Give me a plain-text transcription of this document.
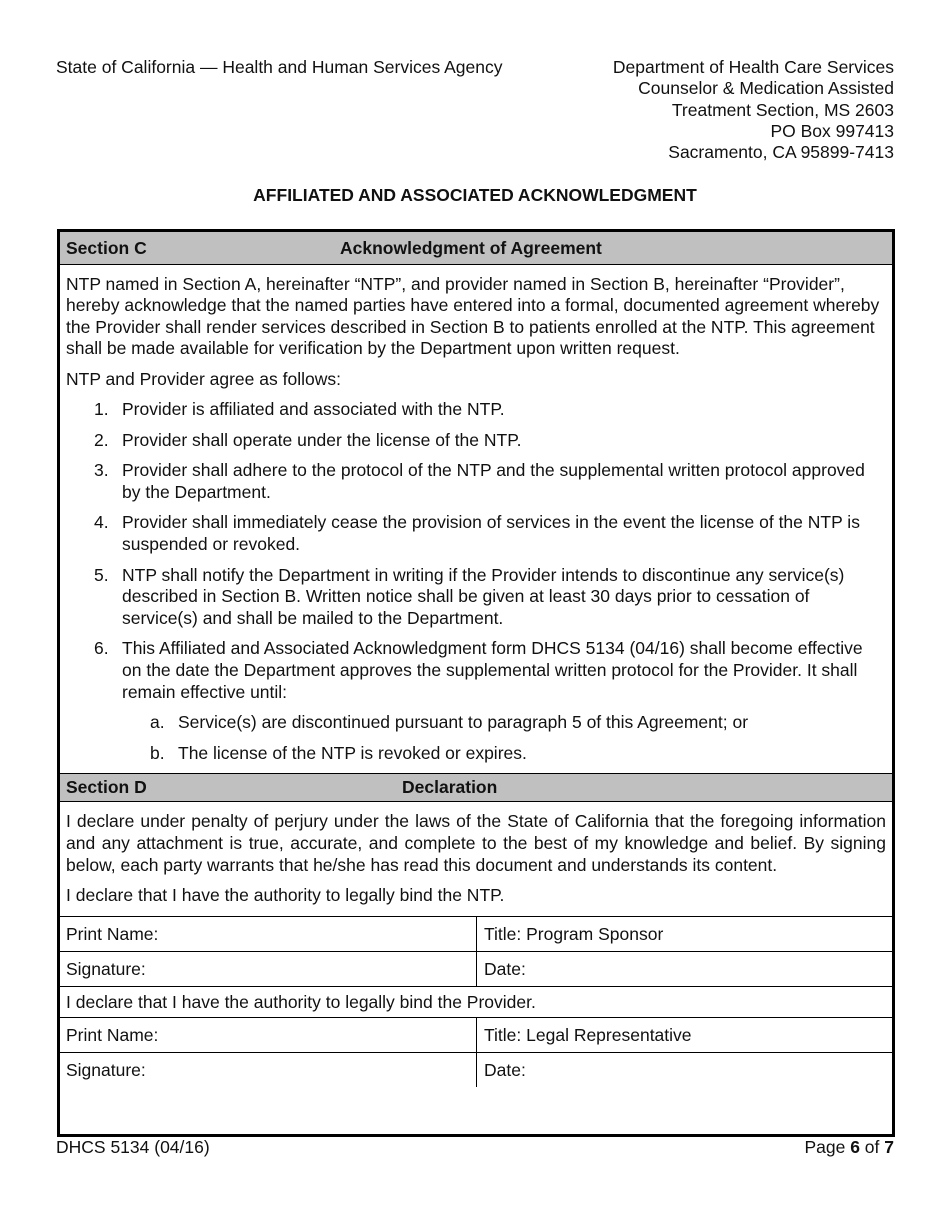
State of California — Health and Human Services Agency	Department of Health Care Services
Counselor & Medication Assisted
Treatment Section, MS 2603
PO Box 997413
Sacramento, CA 95899-7413
AFFILIATED AND ASSOCIATED ACKNOWLEDGMENT
Section C	Acknowledgment of Agreement

NTP named in Section A, hereinafter “NTP”, and provider named in Section B, hereinafter “Provider”, hereby acknowledge that the named parties have entered into a formal, documented agreement whereby the Provider shall render services described in Section B to patients enrolled at the NTP. This agreement shall be made available for verification by the Department upon written request.

NTP and Provider agree as follows:

1. Provider is affiliated and associated with the NTP.
2. Provider shall operate under the license of the NTP.
3. Provider shall adhere to the protocol of the NTP and the supplemental written protocol approved by the Department.
4. Provider shall immediately cease the provision of services in the event the license of the NTP is suspended or revoked.
5. NTP shall notify the Department in writing if the Provider intends to discontinue any service(s) described in Section B. Written notice shall be given at least 30 days prior to cessation of service(s) and shall be mailed to the Department.
6. This Affiliated and Associated Acknowledgment form DHCS 5134 (04/16) shall become effective on the date the Department approves the supplemental written protocol for the Provider. It shall remain effective until:
a. Service(s) are discontinued pursuant to paragraph 5 of this Agreement; or
b. The license of the NTP is revoked or expires.
Section D	Declaration

I declare under penalty of perjury under the laws of the State of California that the foregoing information and any attachment is true, accurate, and complete to the best of my knowledge and belief. By signing below, each party warrants that he/she has read this document and understands its content.

I declare that I have the authority to legally bind the NTP.

Print Name:	Title: Program Sponsor
Signature:	Date:
I declare that I have the authority to legally bind the Provider.
Print Name:	Title: Legal Representative
Signature:	Date:
DHCS 5134 (04/16)	Page 6 of 7
